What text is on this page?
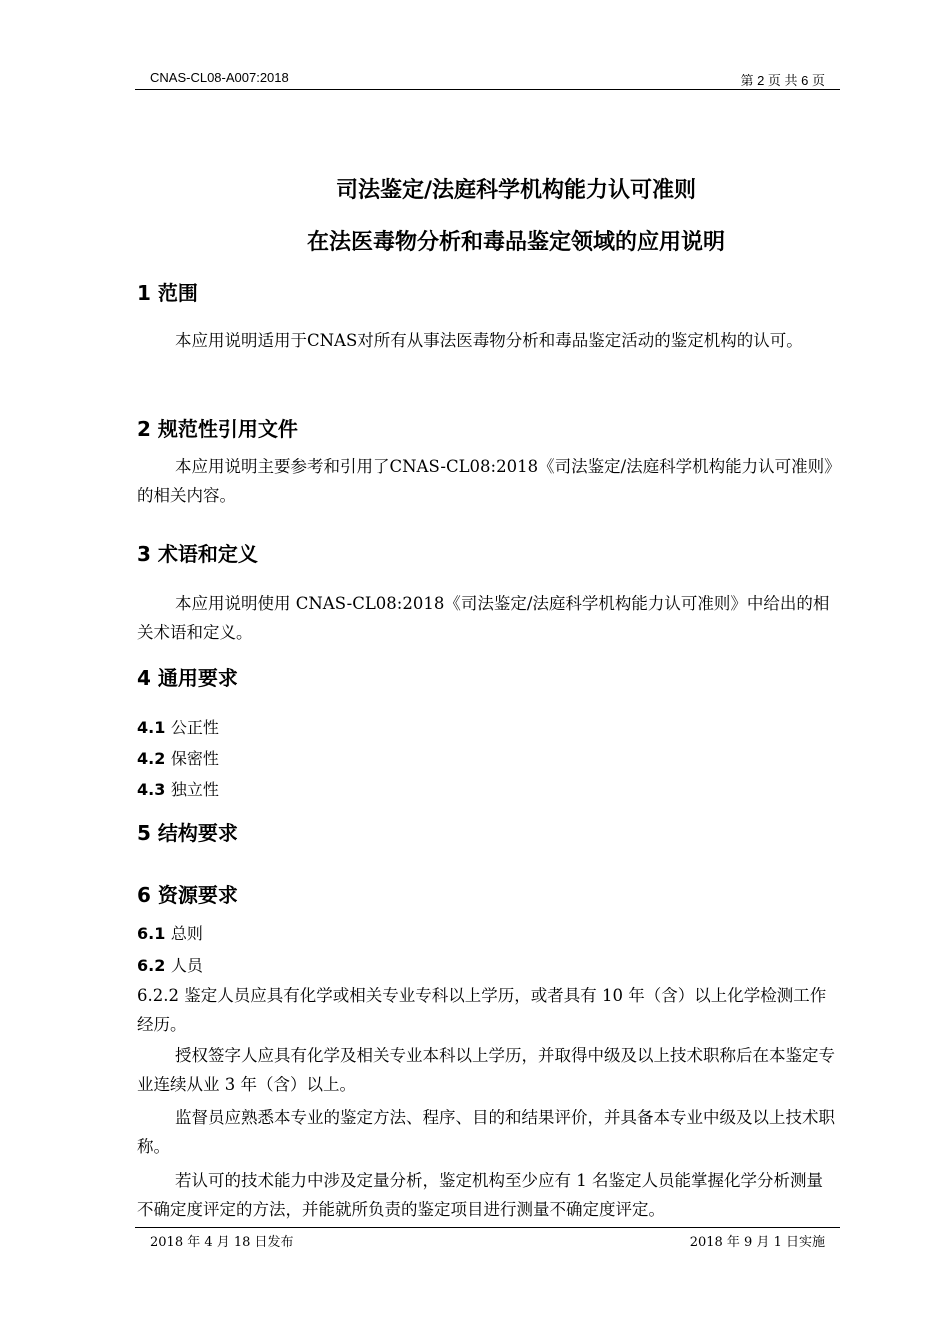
CNAS-CL08-A007:2018	第 2 页 共 6 页
司法鉴定/法庭科学机构能力认可准则
在法医毒物分析和毒品鉴定领域的应用说明
1 范围
本应用说明适用于CNAS对所有从事法医毒物分析和毒品鉴定活动的鉴定机构的认可。
2 规范性引用文件
本应用说明主要参考和引用了CNAS-CL08:2018《司法鉴定/法庭科学机构能力认可准则》的相关内容。
3 术语和定义
本应用说明使用 CNAS-CL08:2018《司法鉴定/法庭科学机构能力认可准则》中给出的相关术语和定义。
4 通用要求
4.1 公正性
4.2 保密性
4.3 独立性
5 结构要求
6 资源要求
6.1 总则
6.2 人员
6.2.2 鉴定人员应具有化学或相关专业专科以上学历，或者具有 10 年（含）以上化学检测工作经历。
授权签字人应具有化学及相关专业本科以上学历，并取得中级及以上技术职称后在本鉴定专业连续从业 3 年（含）以上。
监督员应熟悉本专业的鉴定方法、程序、目的和结果评价，并具备本专业中级及以上技术职称。
若认可的技术能力中涉及定量分析，鉴定机构至少应有 1 名鉴定人员能掌握化学分析测量不确定度评定的方法，并能就所负责的鉴定项目进行测量不确定度评定。
2018 年 4 月 18 日发布	2018 年 9 月 1 日实施
